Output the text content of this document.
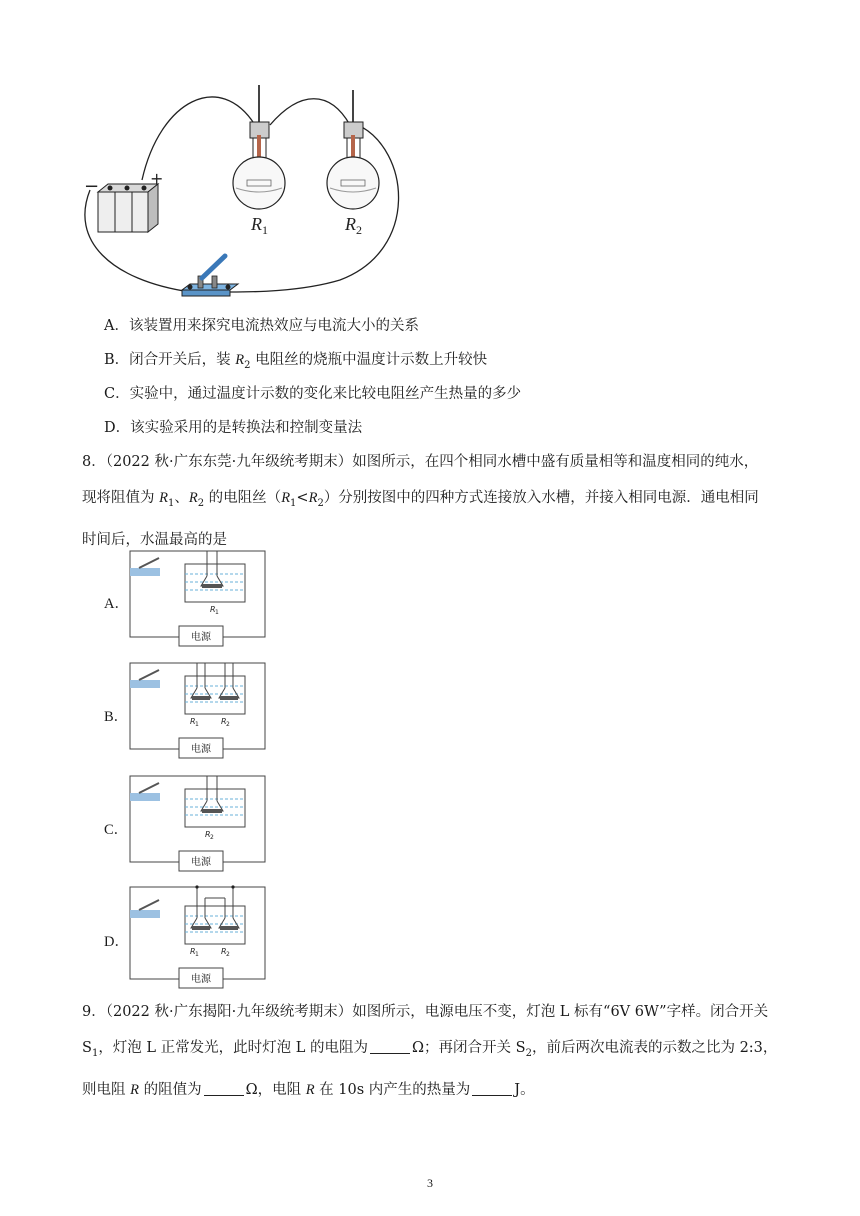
−	+
$R_1$	$R_2$
A．该装置用来探究电流热效应与电流大小的关系
B．闭合开关后，装 $R_2$ 电阻丝的烧瓶中温度计示数上升较快
C．实验中，通过温度计示数的变化来比较电阻丝产生热量的多少
D．该实验采用的是转换法和控制变量法

8．（2022 秋·广东东莞·九年级统考期末）如图所示，在四个相同水槽中盛有质量相等和温度相同的纯水，

现将阻值为 $R_1$、$R_2$ 的电阻丝$(R_1<R_2)$分别按图中的四种方式连接放入水槽，并接入相同电源．通电相同

时间后，水温最高的是

A．
电源
R 1
B．
电源
R 1	R 2
C．
电源
R 2
D．
电源
R 1	R 2

9．（2022 秋·广东揭阳·九年级统考期末）如图所示，电源电压不变，灯泡 L 标有“6V 6W”字样。闭合开关

$S_1$，灯泡 L 正常发光，此时灯泡 L 的电阻为	Ω；再闭合开关 $S_2$，前后两次电流表的示数之比为 2:3，

则电阻 R 的阻值为	Ω，电阻 R 在 10s 内产生的热量为	J。

3
